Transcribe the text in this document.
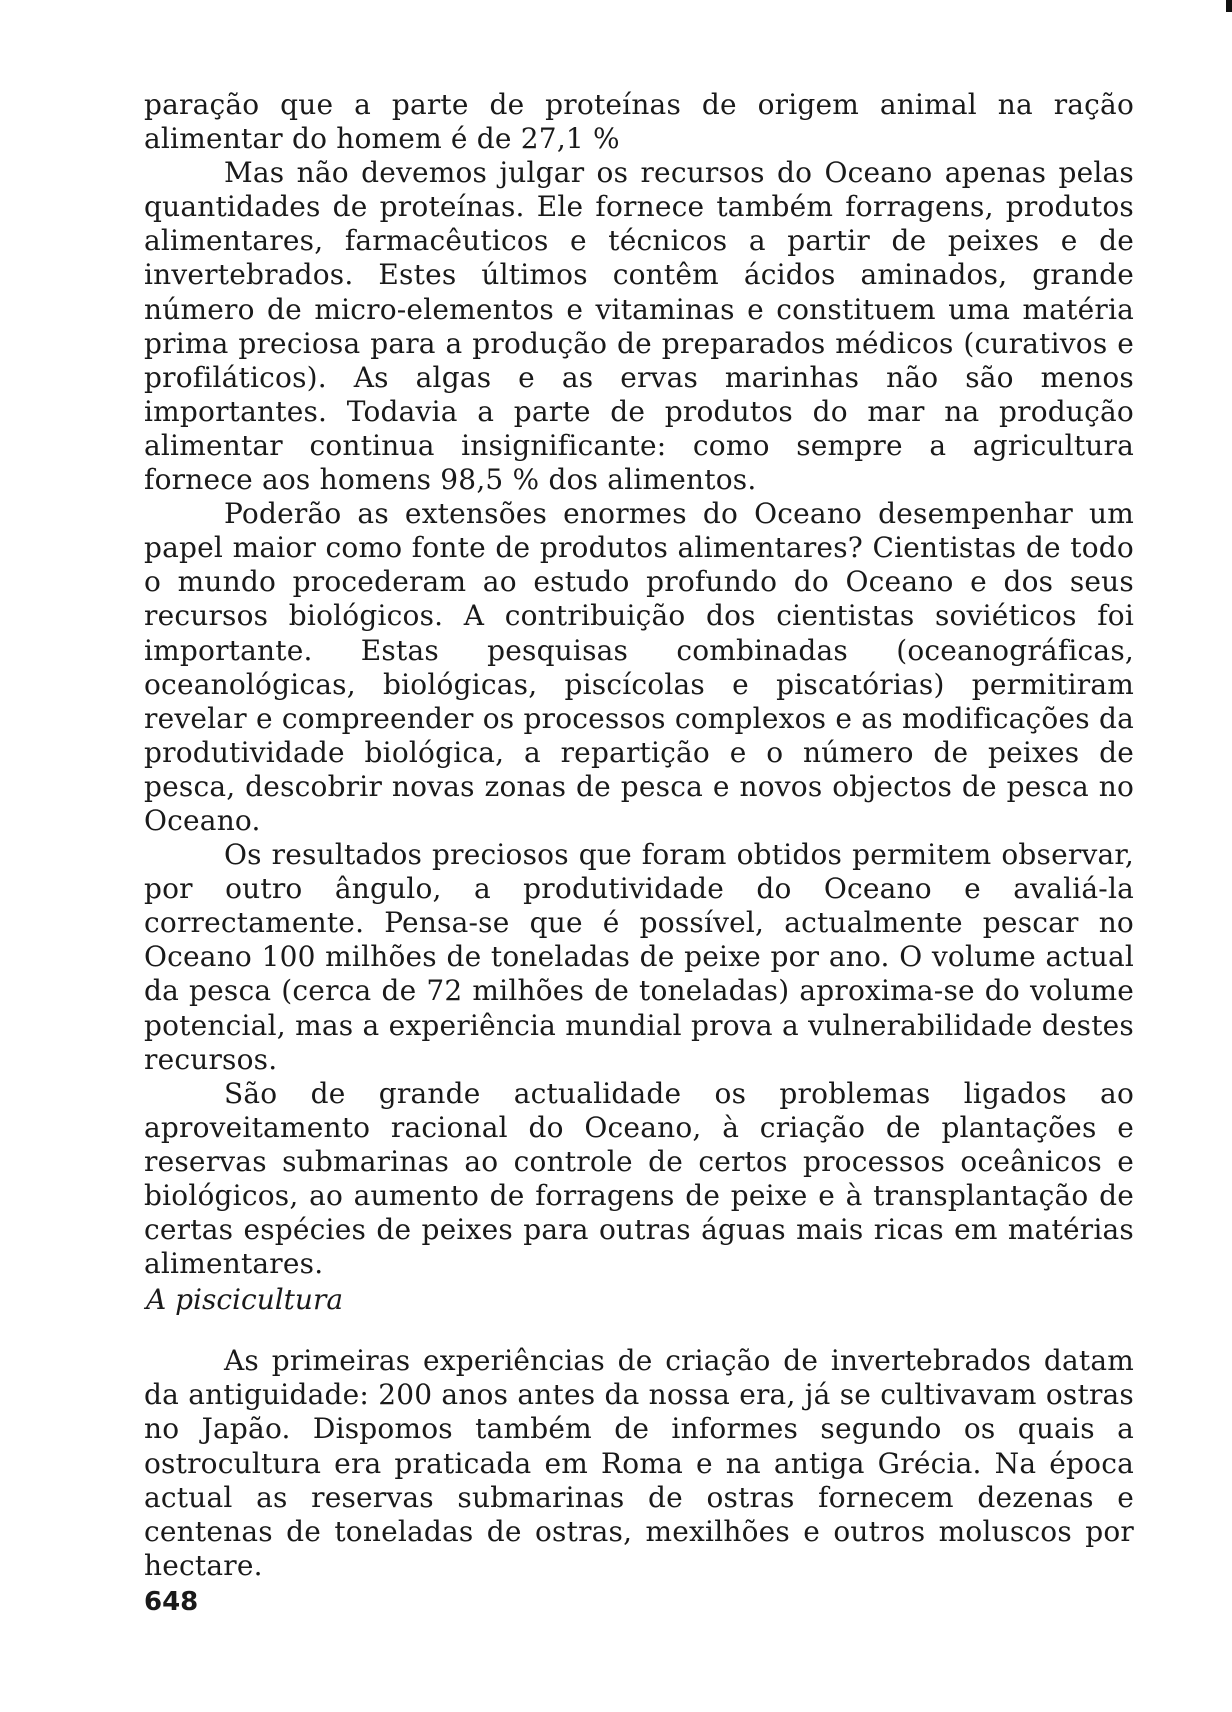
paração que a parte de proteínas de origem animal na ração alimentar do homem é de 27,1 %

Mas não devemos julgar os recursos do Oceano apenas pelas quantidades de proteínas. Ele fornece também forragens, produtos alimentares, farmacêuticos e técnicos a partir de peixes e de invertebrados. Estes últimos contêm ácidos aminados, grande número de micro-elementos e vitaminas e constituem uma matéria prima preciosa para a produção de preparados médicos (curativos e profiláticos). As algas e as ervas marinhas não são menos importantes. Todavia a parte de produtos do mar na produção alimentar continua insignificante: como sempre a agricultura fornece aos homens 98,5 % dos alimentos.

Poderão as extensões enormes do Oceano desempenhar um papel maior como fonte de produtos alimentares? Cientistas de todo o mundo procederam ao estudo profundo do Oceano e dos seus recursos biológicos. A contribuição dos cientistas soviéticos foi importante. Estas pesquisas combinadas (oceanográficas, oceanológicas, biológicas, piscícolas e piscatórias) permitiram revelar e compreender os processos complexos e as modificações da produtividade biológica, a repartição e o número de peixes de pesca, descobrir novas zonas de pesca e novos objectos de pesca no Oceano.

Os resultados preciosos que foram obtidos permitem observar, por outro ângulo, a produtividade do Oceano e avaliá-la correctamente. Pensa-se que é possível, actualmente pescar no Oceano 100 milhões de toneladas de peixe por ano. O volume actual da pesca (cerca de 72 milhões de toneladas) aproxima-se do volume potencial, mas a experiência mundial prova a vulnerabilidade destes recursos.

São de grande actualidade os problemas ligados ao aproveitamento racional do Oceano, à criação de plantações e reservas submarinas ao controle de certos processos oceânicos e biológicos, ao aumento de forragens de peixe e à transplantação de certas espécies de peixes para outras águas mais ricas em matérias alimentares.

A piscicultura

As primeiras experiências de criação de invertebrados datam da antiguidade: 200 anos antes da nossa era, já se cultivavam ostras no Japão. Dispomos também de informes segundo os quais a ostrocultura era praticada em Roma e na antiga Grécia. Na época actual as reservas submarinas de ostras fornecem dezenas e centenas de toneladas de ostras, mexilhões e outros moluscos por hectare.

648
